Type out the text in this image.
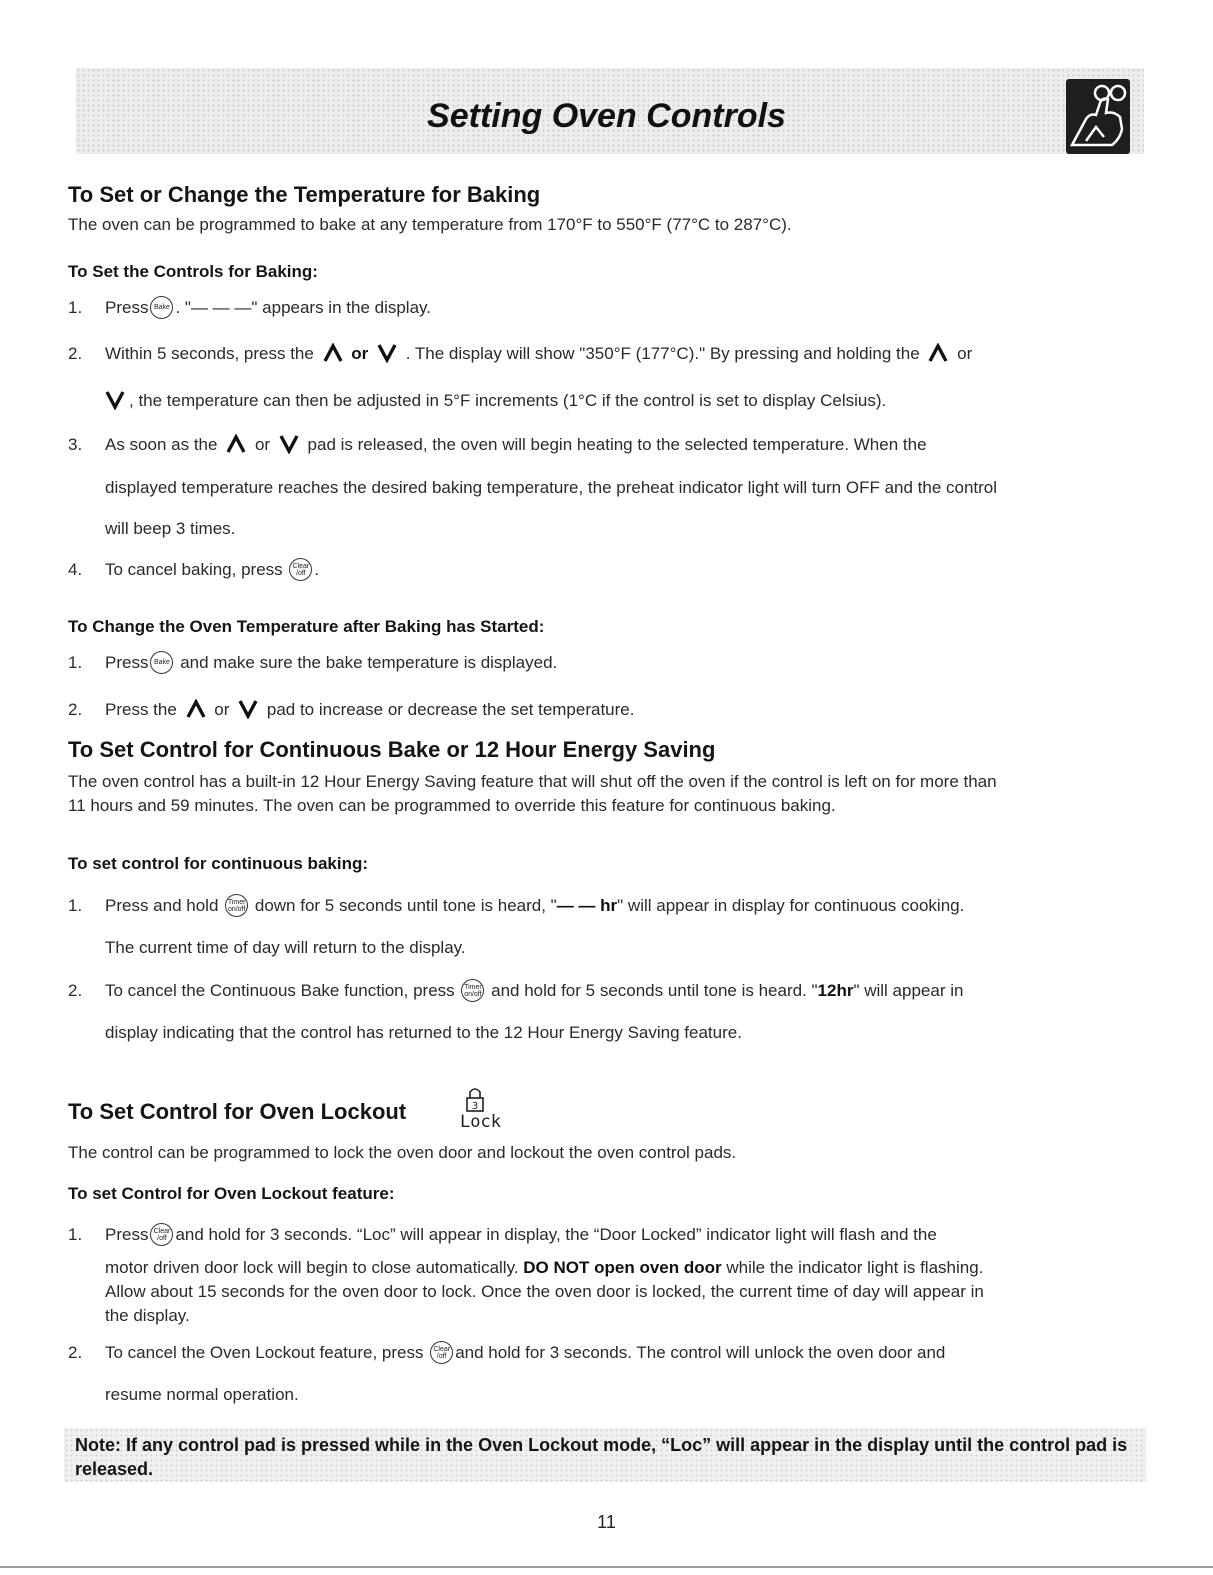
Setting Oven Controls
To Set or Change the Temperature for Baking
The oven can be programmed to bake at any temperature from 170°F to 550°F (77°C to 287°C).
To Set the Controls for Baking:
1. Press Bake . "— — —" appears in the display.
2. Within 5 seconds, press the or . The display will show "350°F (177°C)." By pressing and holding the or
, the temperature can then be adjusted in 5°F increments (1°C if the control is set to display Celsius).
3. As soon as the or pad is released, the oven will begin heating to the selected temperature. When the
displayed temperature reaches the desired baking temperature, the preheat indicator light will turn OFF and the control
will beep 3 times.
4. To cancel baking, press Clear
/off .
To Change the Oven Temperature after Baking has Started:
1. Press Bake and make sure the bake temperature is displayed.
2. Press the or pad to increase or decrease the set temperature.
To Set Control for Continuous Bake or 12 Hour Energy Saving
The oven control has a built-in 12 Hour Energy Saving feature that will shut off the oven if the control is left on for more than
11 hours and 59 minutes. The oven can be programmed to override this feature for continuous baking.
To set control for continuous baking:
1. Press and hold Timer
on/off down for 5 seconds until tone is heard, "— — hr" will appear in display for continuous cooking.
The current time of day will return to the display.
2. To cancel the Continuous Bake function, press Timer
on/off and hold for 5 seconds until tone is heard. "12hr" will appear in
display indicating that the control has returned to the 12 Hour Energy Saving feature.
To Set Control for Oven Lockout	3
Lock
The control can be programmed to lock the oven door and lockout the oven control pads.
To set Control for Oven Lockout feature:
1. Press Clear
/off and hold for 3 seconds. “Loc” will appear in display, the “Door Locked” indicator light will flash and the
motor driven door lock will begin to close automatically. DO NOT open oven door while the indicator light is flashing.
Allow about 15 seconds for the oven door to lock. Once the oven door is locked, the current time of day will appear in
the display.
2. To cancel the Oven Lockout feature, press Clear
/off and hold for 3 seconds. The control will unlock the oven door and
resume normal operation.
Note: If any control pad is pressed while in the Oven Lockout mode, “Loc” will appear in the display until the control pad is released.
11
